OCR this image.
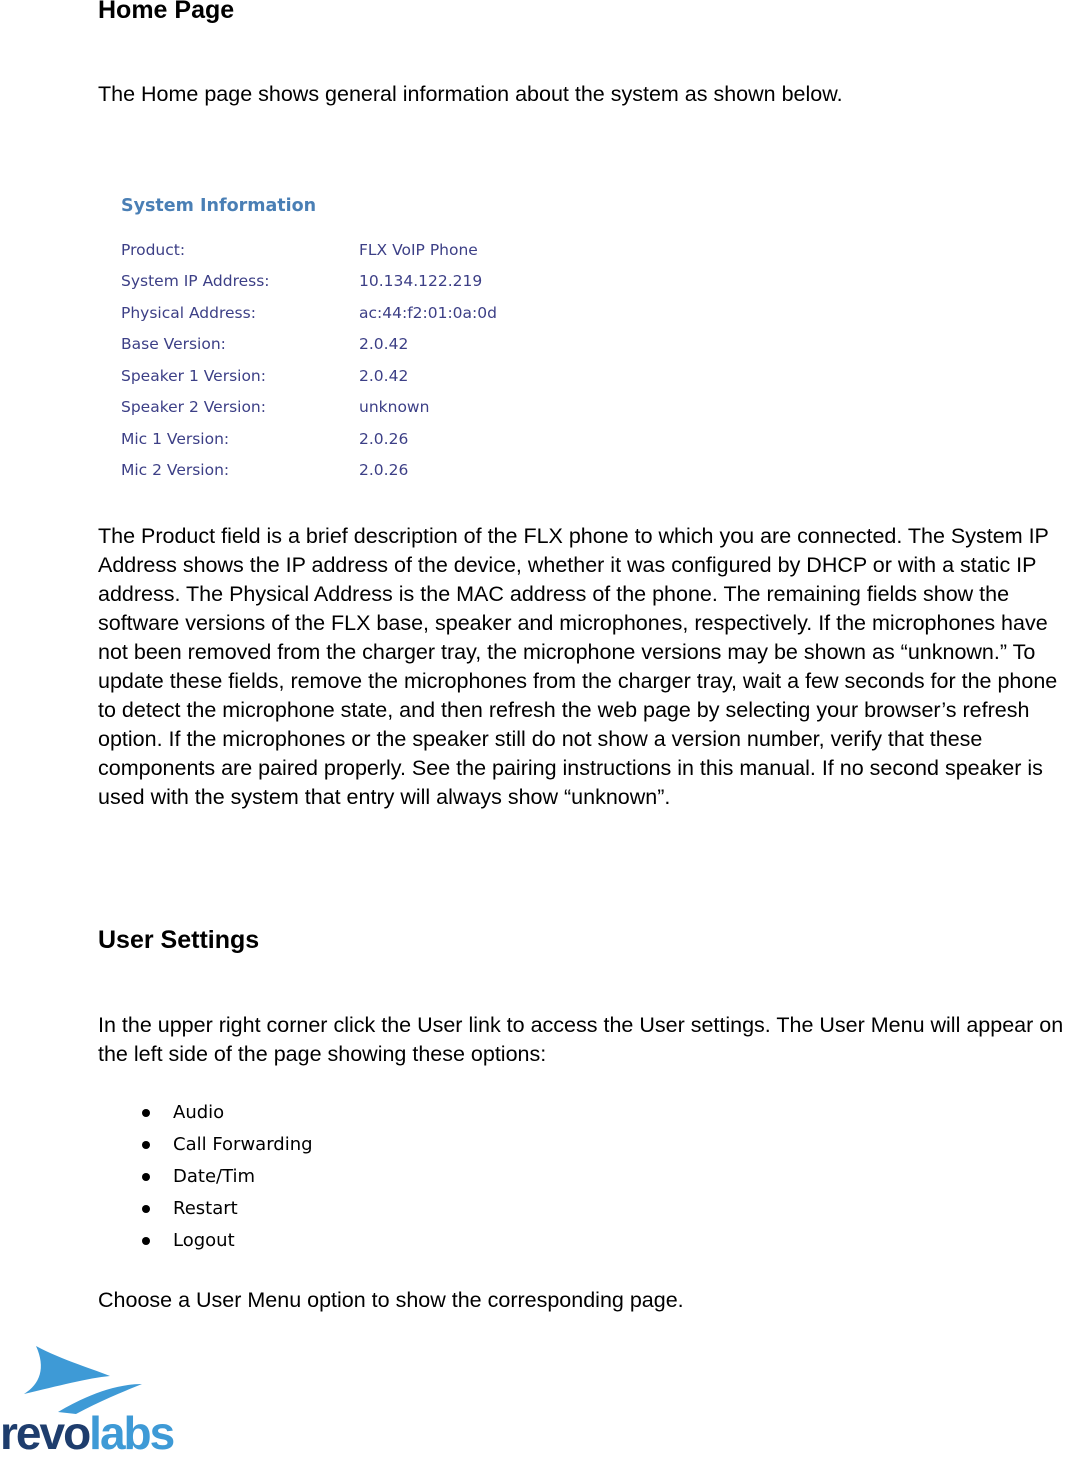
Home Page
The Home page shows general information about the system as shown below.
System Information
Product:	FLX VoIP Phone
System IP Address:	10.134.122.219
Physical Address:	ac:44:f2:01:0a:0d
Base Version:	2.0.42
Speaker 1 Version:	2.0.42
Speaker 2 Version:	unknown
Mic 1 Version:	2.0.26
Mic 2 Version:	2.0.26
The Product field is a brief description of the FLX phone to which you are connected. The System IP Address shows the IP address of the device, whether it was configured by DHCP or with a static IP address. The Physical Address is the MAC address of the phone. The remaining fields show the software versions of the FLX base, speaker and microphones, respectively. If the microphones have not been removed from the charger tray, the microphone versions may be shown as “unknown.” To update these fields, remove the microphones from the charger tray, wait a few seconds for the phone to detect the microphone state, and then refresh the web page by selecting your browser’s refresh option. If the microphones or the speaker still do not show a version number, verify that these components are paired properly. See the pairing instructions in this manual. If no second speaker is used with the system that entry will always show “unknown”.
User Settings
In the upper right corner click the User link to access the User settings. The User Menu will appear on the left side of the page showing these options:
Audio
Call Forwarding
Date/Tim
Restart
Logout
Choose a User Menu option to show the corresponding page.
revolabs
